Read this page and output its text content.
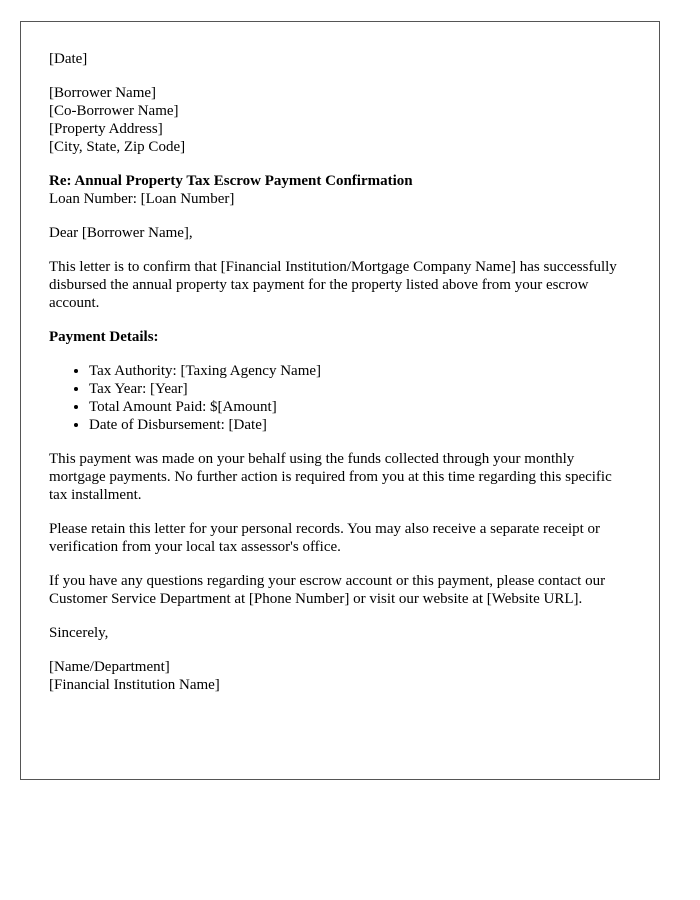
[Date]
[Borrower Name]
[Co-Borrower Name]
[Property Address]
[City, State, Zip Code]
Re: Annual Property Tax Escrow Payment Confirmation
Loan Number: [Loan Number]

Dear [Borrower Name],

This letter is to confirm that [Financial Institution/Mortgage Company Name] has successfully disbursed the annual property tax payment for the property listed above from your escrow account.

Payment Details:

• Tax Authority: [Taxing Agency Name]
• Tax Year: [Year]
• Total Amount Paid: $[Amount]
• Date of Disbursement: [Date]

This payment was made on your behalf using the funds collected through your monthly mortgage payments. No further action is required from you at this time regarding this specific tax installment.

Please retain this letter for your personal records. You may also receive a separate receipt or verification from your local tax assessor's office.

If you have any questions regarding your escrow account or this payment, please contact our Customer Service Department at [Phone Number] or visit our website at [Website URL].

Sincerely,

[Name/Department]
[Financial Institution Name]
